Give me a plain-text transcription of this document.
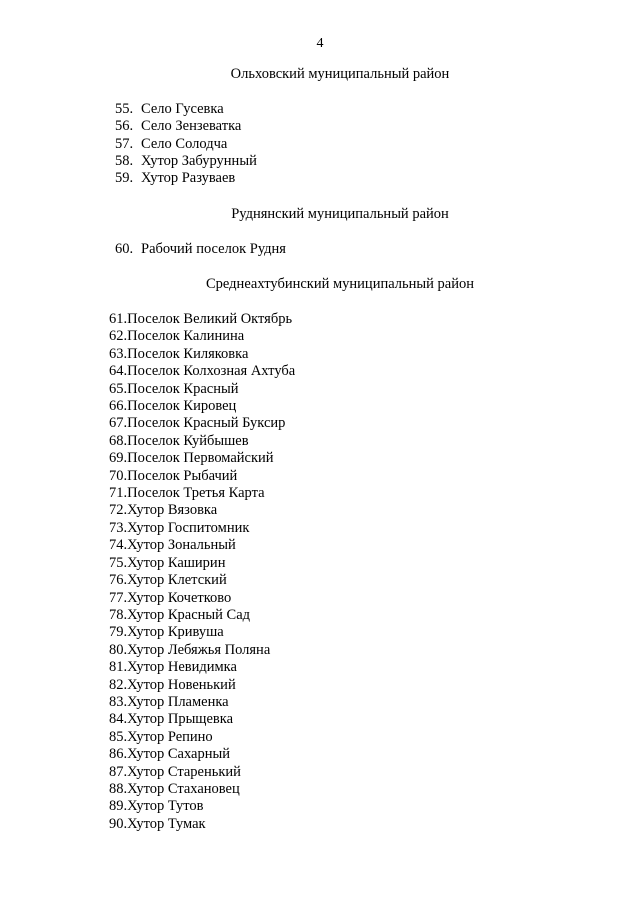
4
Ольховский муниципальный район
55. Село Гусевка
56. Село Зензеватка
57. Село Солодча
58. Хутор Забурунный
59. Хутор Разуваев
Руднянский муниципальный район
60. Рабочий поселок Рудня
Среднеахтубинский муниципальный район
61.Поселок Великий Октябрь
62.Поселок Калинина
63.Поселок Киляковка
64.Поселок Колхозная Ахтуба
65.Поселок Красный
66.Поселок Кировец
67.Поселок Красный Буксир
68.Поселок Куйбышев
69.Поселок Первомайский
70.Поселок Рыбачий
71.Поселок Третья Карта
72.Хутор Вязовка
73.Хутор Госпитомник
74.Хутор Зональный
75.Хутор Каширин
76.Хутор Клетский
77.Хутор Кочетково
78.Хутор Красный Сад
79.Хутор Кривуша
80.Хутор Лебяжья Поляна
81.Хутор Невидимка
82.Хутор Новенький
83.Хутор Пламенка
84.Хутор Прыщевка
85.Хутор Репино
86.Хутор Сахарный
87.Хутор Старенький
88.Хутор Стахановец
89.Хутор Тутов
90.Хутор Тумак
